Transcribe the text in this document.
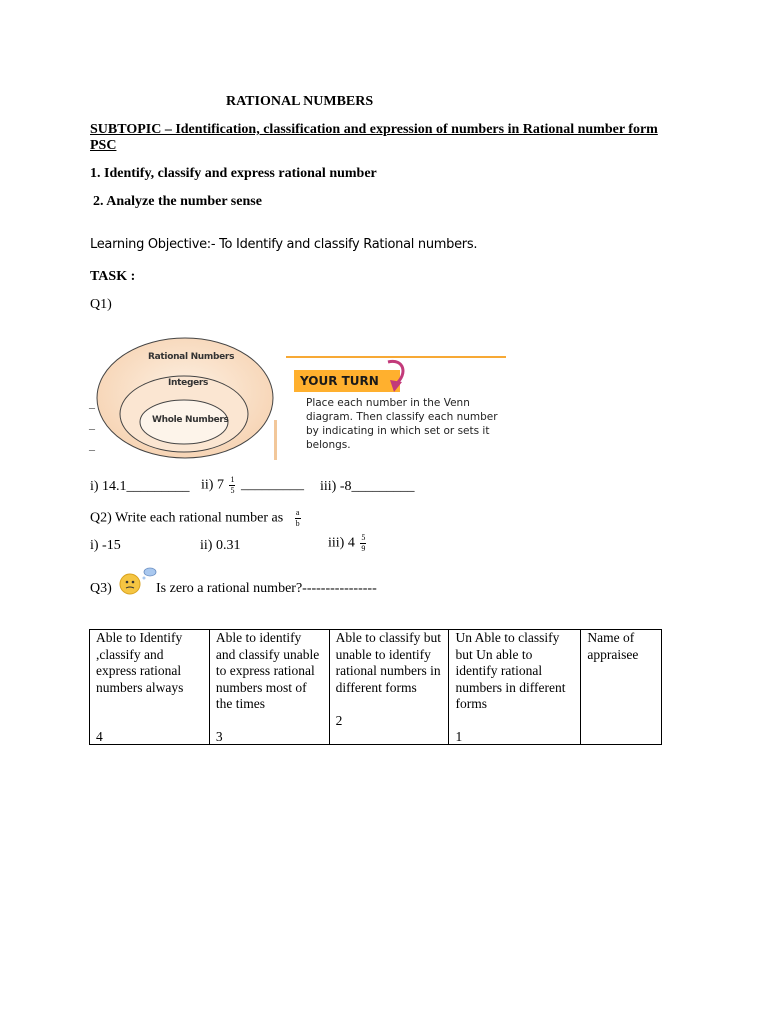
RATIONAL NUMBERS
SUBTOPIC – Identification, classification and expression of numbers in Rational number form
PSC
1. Identify, classify and express rational number
2. Analyze the number sense
Learning Objective:- To Identify and classify Rational numbers.
TASK :
Q1)
Rational Numbers
Integers
Whole Numbers
–
–
–
YOUR TURN
Place each number in the Venn diagram. Then classify each number by indicating in which set or sets it belongs.
i) 14.1_________ ii) $7 \frac{1}{5}$ _________ iii) -8_________
Q2) Write each rational number as $\frac{a}{b}$
i) -15	ii) 0.31	iii) $4 \frac{5}{9}$
Q3)	Is zero a rational number?----------------
Able to Identify ,classify and express rational numbers always
4

Able to identify and classify unable to express rational numbers most of the times
3

Able to classify but unable to identify rational numbers in different forms
2

Un Able to classify but Un able to identify rational numbers in different forms
1

Name of appraisee
